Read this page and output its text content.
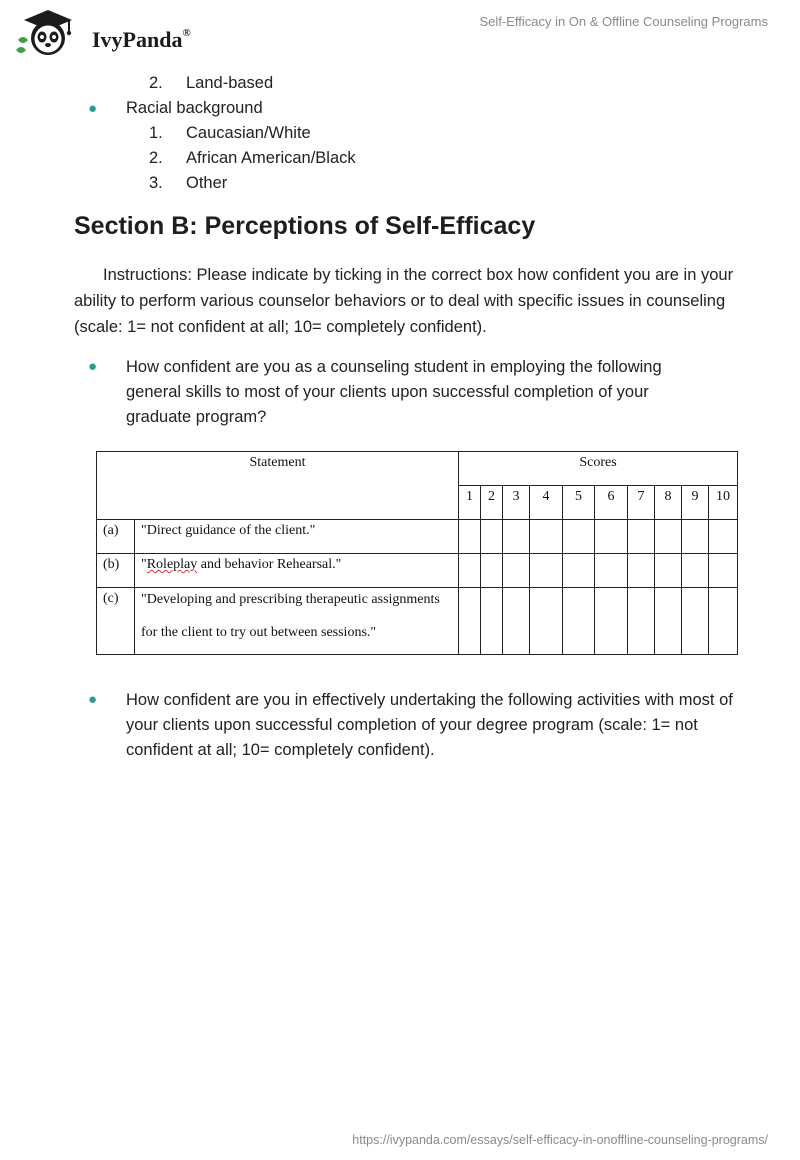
IvyPanda®
Self-Efficacy in On & Offline Counseling Programs
2. Land-based
● Racial background
1. Caucasian/White
2. African American/Black
3. Other
Section B: Perceptions of Self-Efficacy
Instructions: Please indicate by ticking in the correct box how confident you are in your ability to perform various counselor behaviors or to deal with specific issues in counseling (scale: 1= not confident at all; 10= completely confident).
● How confident are you as a counseling student in employing the following general skills to most of your clients upon successful completion of your graduate program?
Statement		Scores									
		1	2	3	4	5	6	7	8	9	10
(a)	"Direct guidance of the client."										
(b)	"Roleplay and behavior Rehearsal."										
(c)	"Developing and prescribing therapeutic assignments
for the client to try out between sessions."										

● How confident are you in effectively undertaking the following activities with most of your clients upon successful completion of your degree program (scale: 1= not confident at all; 10= completely confident).
https://ivypanda.com/essays/self-efficacy-in-onoffline-counseling-programs/
